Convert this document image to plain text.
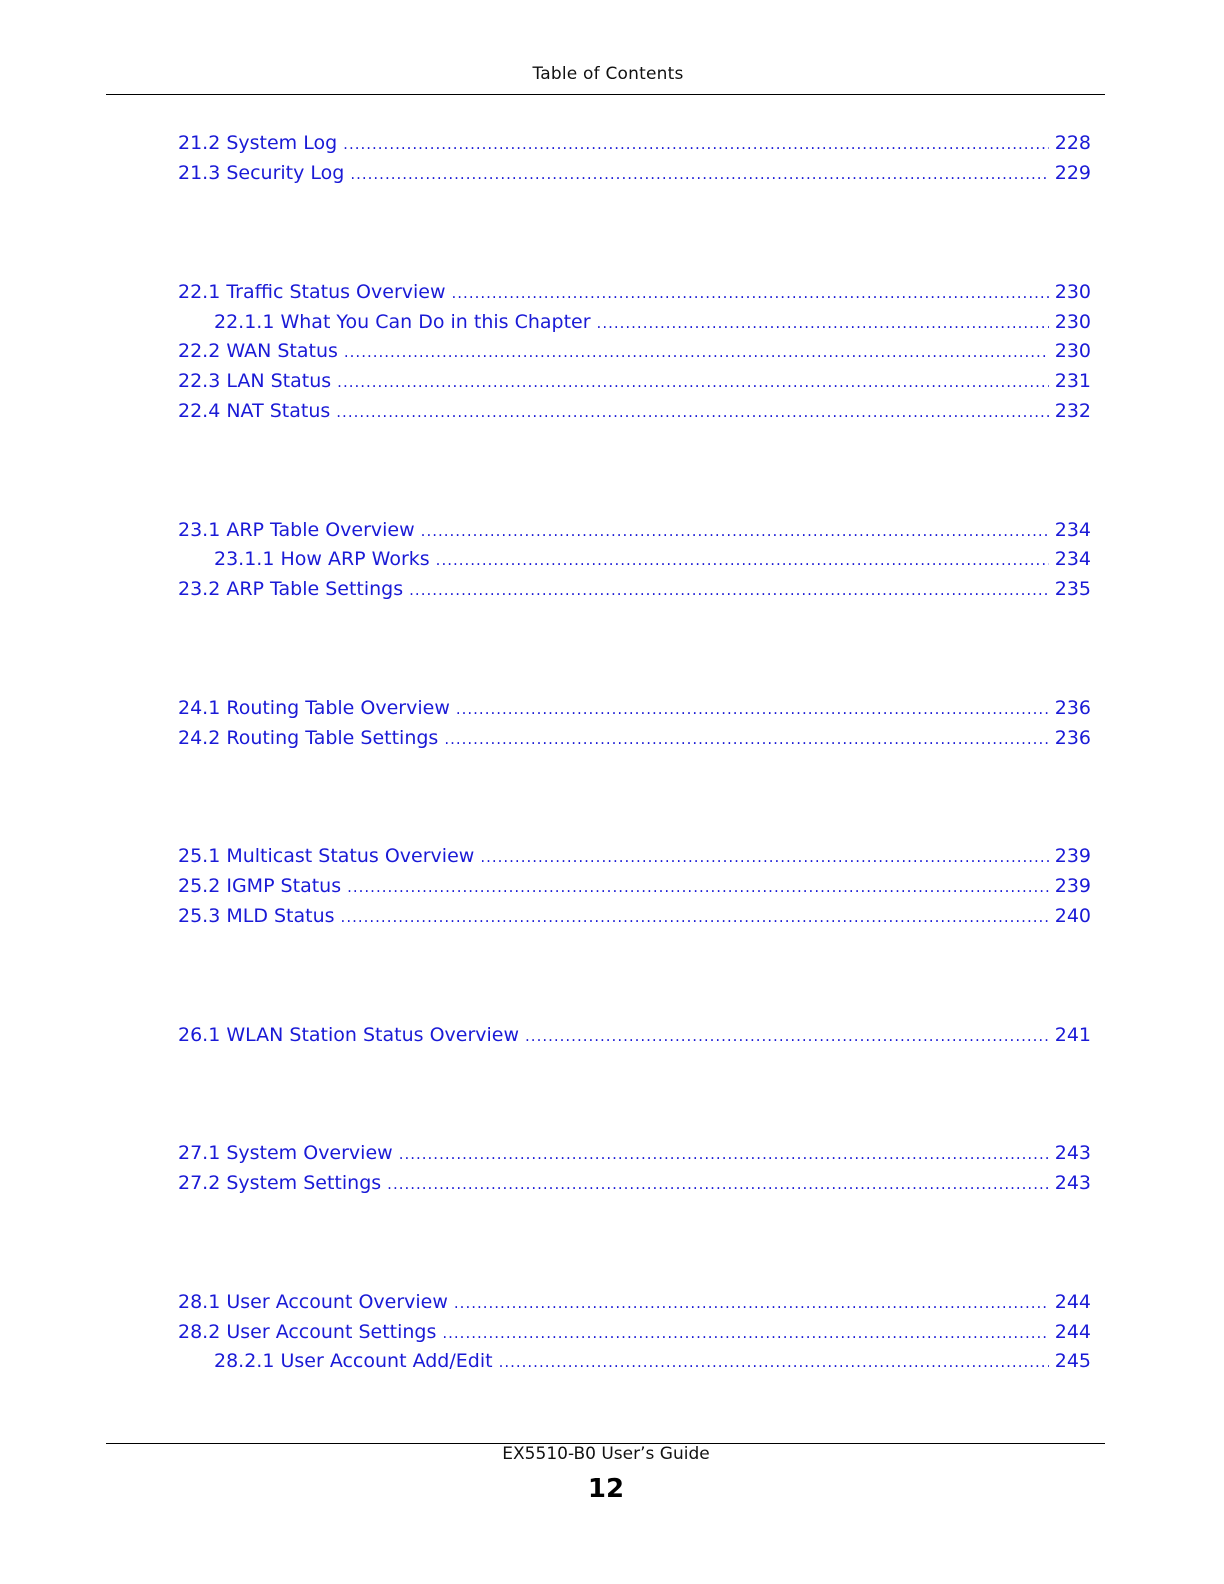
Table of Contents
21.2 System Log .....	228
21.3 Security Log .....	229
22.1 Traffic Status Overview .....	230
22.1.1 What You Can Do in this Chapter .....	230
22.2 WAN Status .....	230
22.3 LAN Status .....	231
22.4 NAT Status .....	232
23.1 ARP Table Overview .....	234
23.1.1 How ARP Works .....	234
23.2 ARP Table Settings .....	235
24.1 Routing Table Overview .....	236
24.2 Routing Table Settings .....	236
25.1 Multicast Status Overview .....	239
25.2 IGMP Status .....	239
25.3 MLD Status .....	240
26.1 WLAN Station Status Overview .....	241
27.1 System Overview .....	243
27.2 System Settings .....	243
28.1 User Account Overview .....	244
28.2 User Account Settings .....	244
28.2.1 User Account Add/Edit .....	245
EX5510-B0 User’s Guide
12
